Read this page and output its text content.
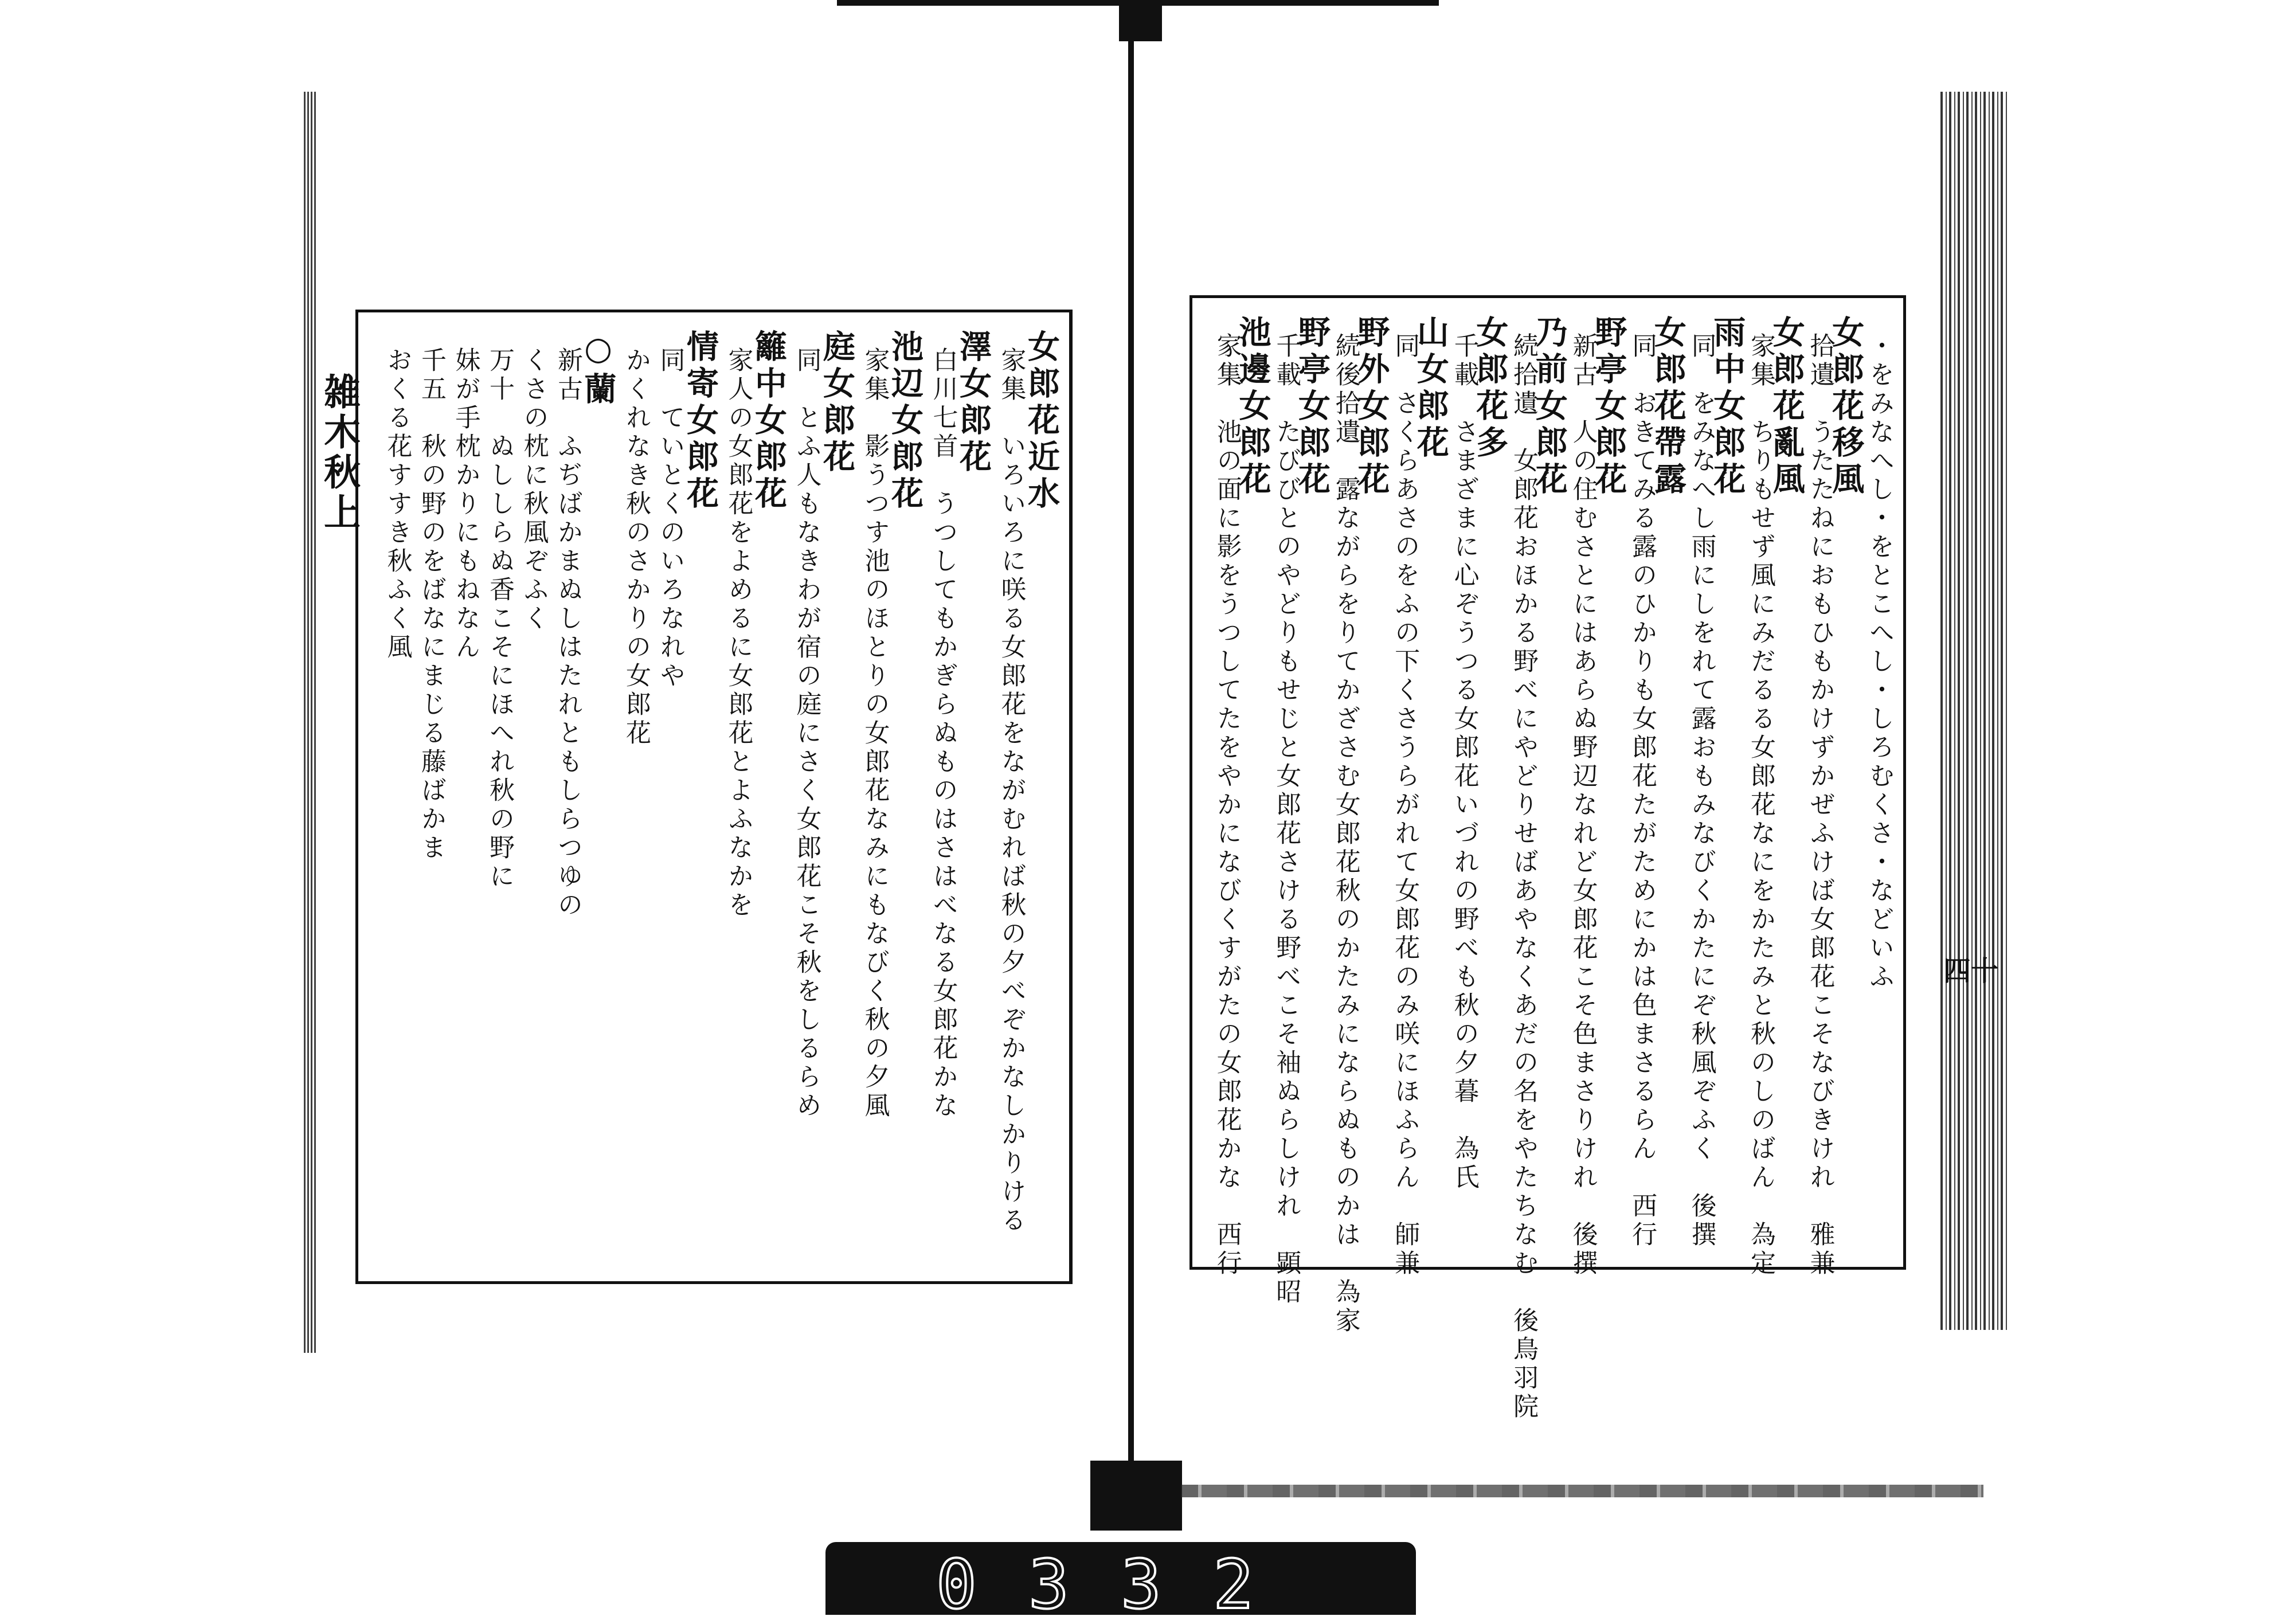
雑木秋上	女郎花近水
家集　いろいろに咲る女郎花をながむれば秋の夕べぞかなしかりける
澤女郎花
白川七首　うつしてもかぎらぬものはさはべなる女郎花かな
池辺女郎花
家集　影うつす池のほとりの女郎花なみにもなびく秋の夕風
庭女郎花
同　とふ人もなきわが宿の庭にさく女郎花こそ秋をしるらめ
籬中女郎花
家人の女郎花をよめるに女郎花とよふなかを
情寄女郎花
同　ていとくのいろなれや
かくれなき秋のさかりの女郎花
○蘭
新古　ふぢばかまぬしはたれともしらつゆの
くさの枕に秋風ぞふく
万十　ぬししらぬ香こそにほへれ秋の野に
妹が手枕かりにもねなん
千五　秋の野のをばなにまじる藤ばかま
おくる花すすき秋ふく風	・をみなへし・をとこへし・しろむくさ・などいふ
女郎花移風
拾遺　うたたねにおもひもかけずかぜふけば女郎花こそなびきけれ　雅兼
女郎花亂風
家集　ちりもせず風にみだるる女郎花なにをかたみと秋のしのばん　為定
雨中女郎花
同　をみなへし雨にしをれて露おもみなびくかたにぞ秋風ぞふく　後撰
女郎花帶露
同　おきてみる露のひかりも女郎花たがためにかは色まさるらん　西行
野亭女郎花
新古　人の住むさとにはあらぬ野辺なれど女郎花こそ色まさりけれ　後撰
乃前女郎花
続拾遺　女郎花おほかる野べにやどりせばあやなくあだの名をやたちなむ　後鳥羽院
女郎花多
千載　さまざまに心ぞうつる女郎花いづれの野べも秋の夕暮　為氏
山女郎花
同　さくらあさのをふの下くさうらがれて女郎花のみ咲にほふらん　師兼
野外女郎花
続後拾遺　露ながらをりてかざさむ女郎花秋のかたみにならぬものかは　為家
野亭女郎花
千載　たびびとのやどりもせじと女郎花さける野べこそ袖ぬらしけれ　顕昭
池邊女郎花
家集　池の面に影をうつしてたをやかになびくすがたの女郎花かな　西行	四十
0332
